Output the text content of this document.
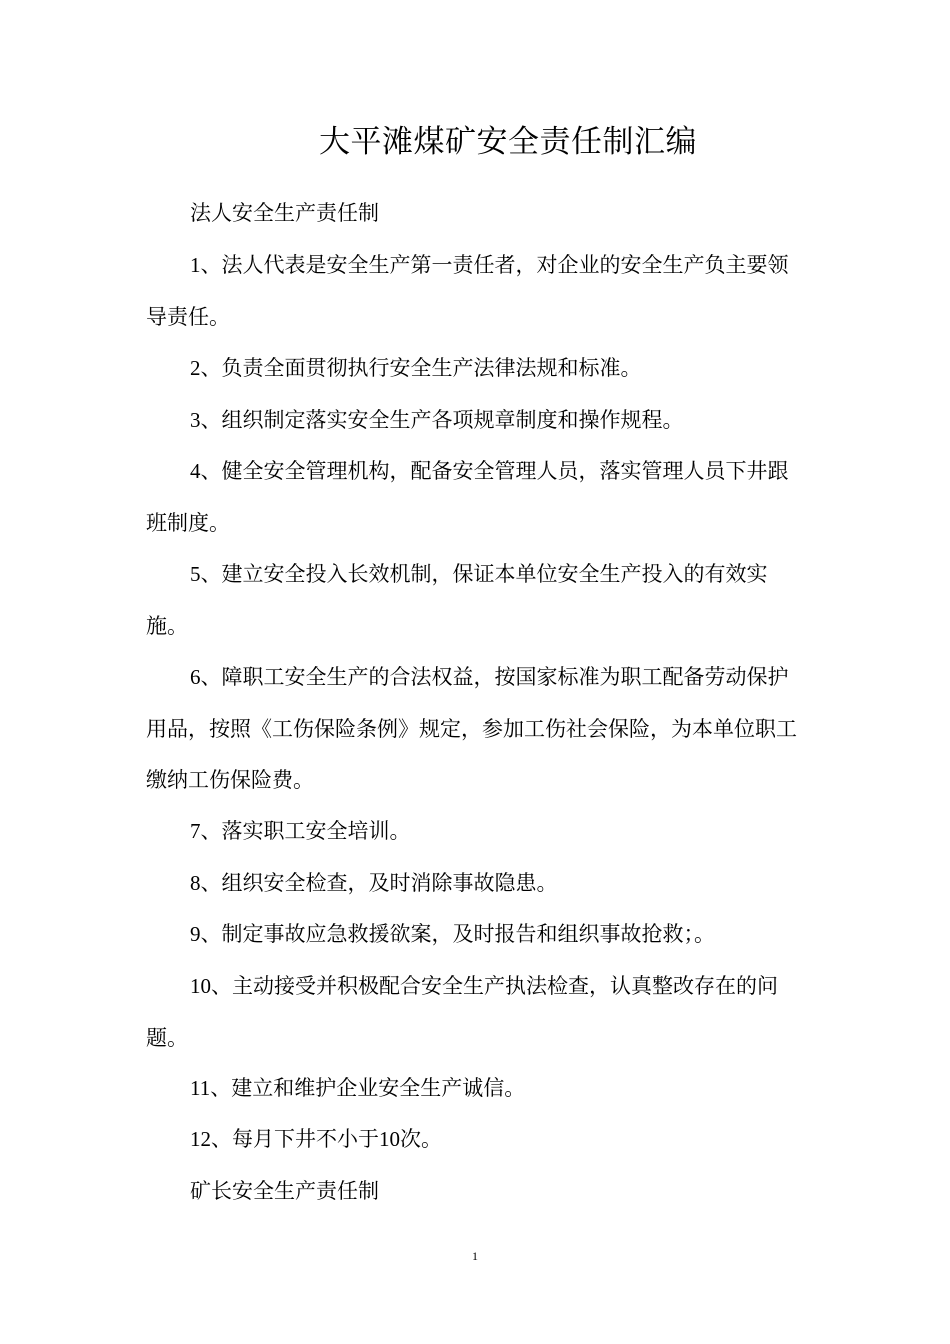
大平滩煤矿安全责任制汇编

法人安全生产责任制

1、法人代表是安全生产第一责任者，对企业的安全生产负主要领导责任。

2、负责全面贯彻执行安全生产法律法规和标准。

3、组织制定落实安全生产各项规章制度和操作规程。

4、健全安全管理机构，配备安全管理人员，落实管理人员下井跟班制度。

5、建立安全投入长效机制，保证本单位安全生产投入的有效实施。

6、障职工安全生产的合法权益，按国家标准为职工配备劳动保护用品，按照《工伤保险条例》规定，参加工伤社会保险，为本单位职工缴纳工伤保险费。

7、落实职工安全培训。

8、组织安全检查，及时消除事故隐患。

9、制定事故应急救援欲案，及时报告和组织事故抢救；。

10、主动接受并积极配合安全生产执法检查，认真整改存在的问题。

11、建立和维护企业安全生产诚信。

12、每月下井不小于10次。

矿长安全生产责任制

1
